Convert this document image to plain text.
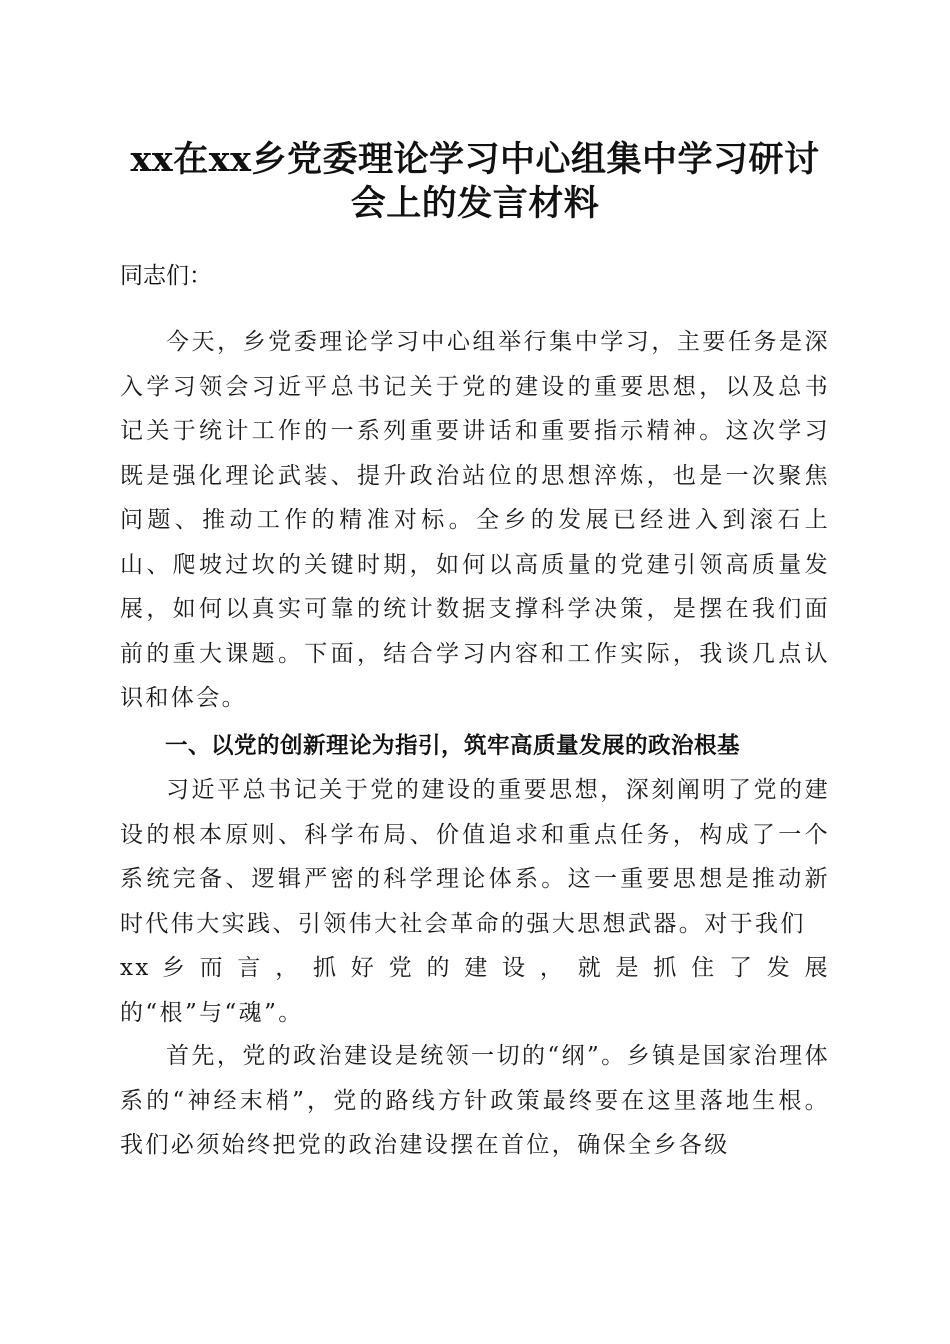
xx在xx乡党委理论学习中心组集中学习研讨
会上的发言材料
同志们：
今天，乡党委理论学习中心组举行集中学习，主要任务是深入学习领会习近平总书记关于党的建设的重要思想，以及总书记关于统计工作的一系列重要讲话和重要指示精神。这次学习既是强化理论武装、提升政治站位的思想淬炼，也是一次聚焦问题、推动工作的精准对标。全乡的发展已经进入到滚石上山、爬坡过坎的关键时期，如何以高质量的党建引领高质量发展，如何以真实可靠的统计数据支撑科学决策，是摆在我们面前的重大课题。下面，结合学习内容和工作实际，我谈几点认识和体会。
一、以党的创新理论为指引，筑牢高质量发展的政治根基
习近平总书记关于党的建设的重要思想，深刻阐明了党的建设的根本原则、科学布局、价值追求和重点任务，构成了一个系统完备、逻辑严密的科学理论体系。这一重要思想是推动新时代伟大实践、引领伟大社会革命的强大思想武器。对于我们
xx 乡 而 言 ， 抓 好 党 的 建 设 ， 就 是 抓 住 了 发 展
的“根”与“魂”。
首先，党的政治建设是统领一切的“纲”。乡镇是国家治理体系的“神经末梢”，党的路线方针政策最终要在这里落地生根。我们必须始终把党的政治建设摆在首位，确保全乡各级
